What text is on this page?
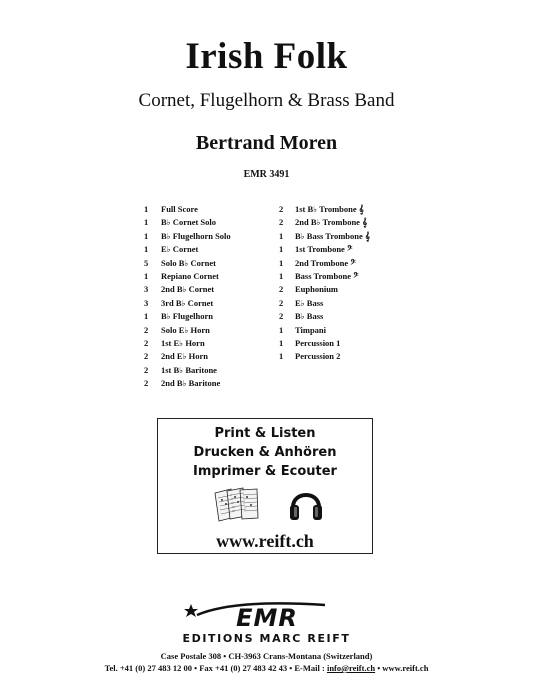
Irish Folk
Cornet, Flugelhorn & Brass Band
Bertrand Moren
EMR 3491
1	Full Score
1	B♭ Cornet Solo
1	B♭ Flugelhorn Solo
1	E♭ Cornet
5	Solo B♭ Cornet
1	Repiano Cornet
3	2nd B♭ Cornet
3	3rd B♭ Cornet
1	B♭ Flugelhorn
2	Solo E♭ Horn
2	1st E♭ Horn
2	2nd E♭ Horn
2	1st B♭ Baritone
2	2nd B♭ Baritone
2	1st B♭ Trombone 𝄞
2	2nd B♭ Trombone 𝄞
1	B♭ Bass Trombone 𝄞
1	1st Trombone 𝄢
1	2nd Trombone 𝄢
1	Bass Trombone 𝄢
2	Euphonium
2	E♭ Bass
2	B♭ Bass
1	Timpani
1	Percussion 1
1	Percussion 2
Print & Listen
Drucken & Anhören
Imprimer & Ecouter
www.reift.ch
EMR
EDITIONS MARC REIFT
Case Postale 308 • CH-3963 Crans-Montana (Switzerland)
Tel. +41 (0) 27 483 12 00 • Fax +41 (0) 27 483 42 43 • E-Mail : info@reift.ch • www.reift.ch
